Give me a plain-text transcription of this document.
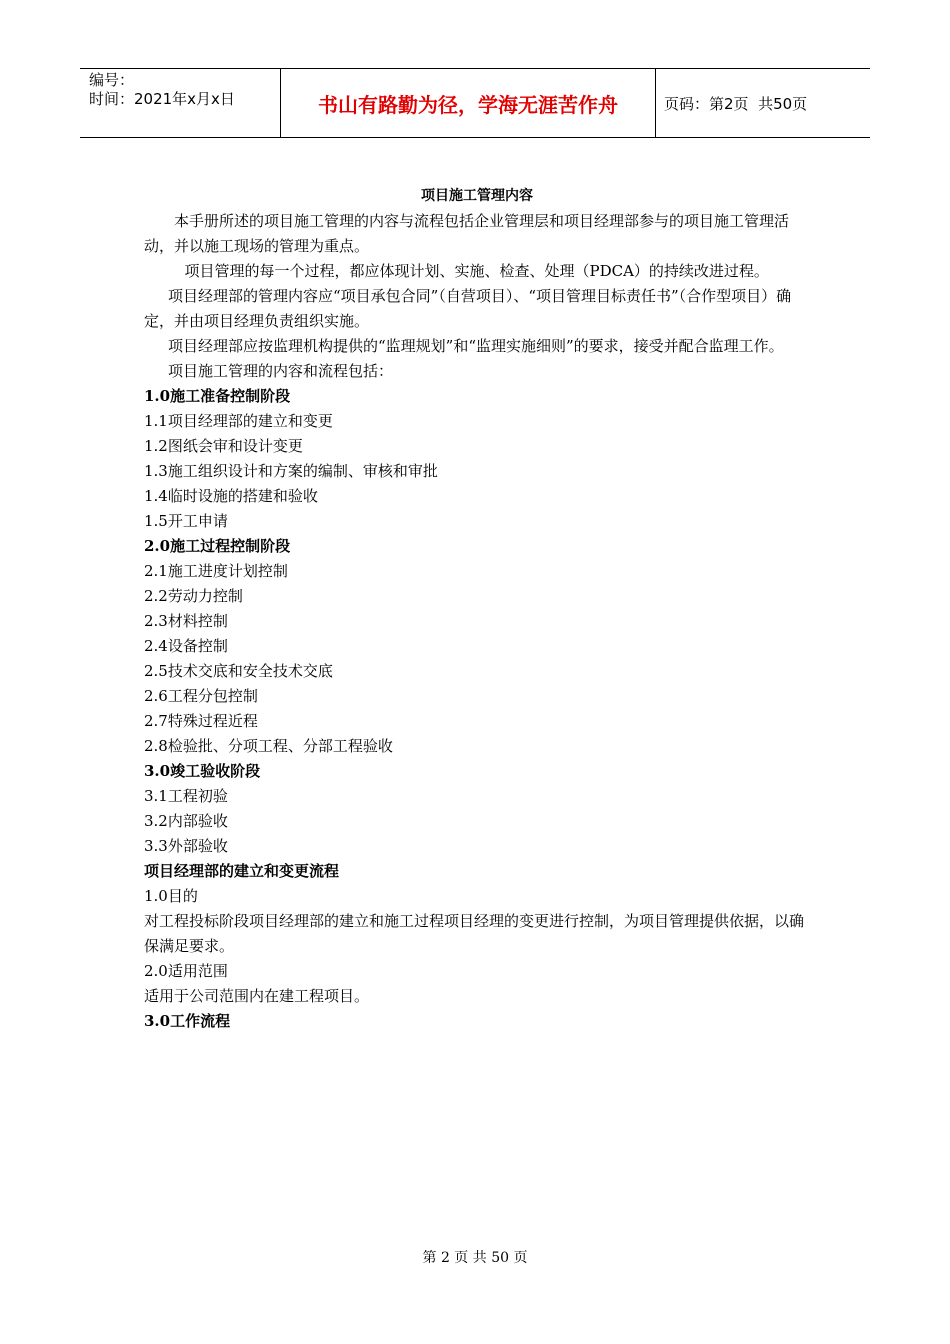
编号：
时间：2021年x月x日	书山有路勤为径，学海无涯苦作舟	页码：第2页  共50页
项目施工管理内容

本手册所述的项目施工管理的内容与流程包括企业管理层和项目经理部参与的项目施工管理活动，并以施工现场的管理为重点。

项目管理的每一个过程，都应体现计划、实施、检查、处理（PDCA）的持续改进过程。

项目经理部的管理内容应“项目承包合同”（自营项目）、“项目管理目标责任书”（合作型项目）确定，并由项目经理负责组织实施。

项目经理部应按监理机构提供的“监理规划”和“监理实施细则”的要求，接受并配合监理工作。

项目施工管理的内容和流程包括：

1.0施工准备控制阶段
1.1项目经理部的建立和变更
1.2图纸会审和设计变更
1.3施工组织设计和方案的编制、审核和审批
1.4临时设施的搭建和验收
1.5开工申请
2.0施工过程控制阶段
2.1施工进度计划控制
2.2劳动力控制
2.3材料控制
2.4设备控制
2.5技术交底和安全技术交底
2.6工程分包控制
2.7特殊过程近程
2.8检验批、分项工程、分部工程验收
3.0竣工验收阶段
3.1工程初验
3.2内部验收
3.3外部验收
项目经理部的建立和变更流程
1.0目的

对工程投标阶段项目经理部的建立和施工过程项目经理的变更进行控制，为项目管理提供依据，以确保满足要求。

2.0适用范围

适用于公司范围内在建工程项目。

3.0工作流程
第 2 页 共 50 页
